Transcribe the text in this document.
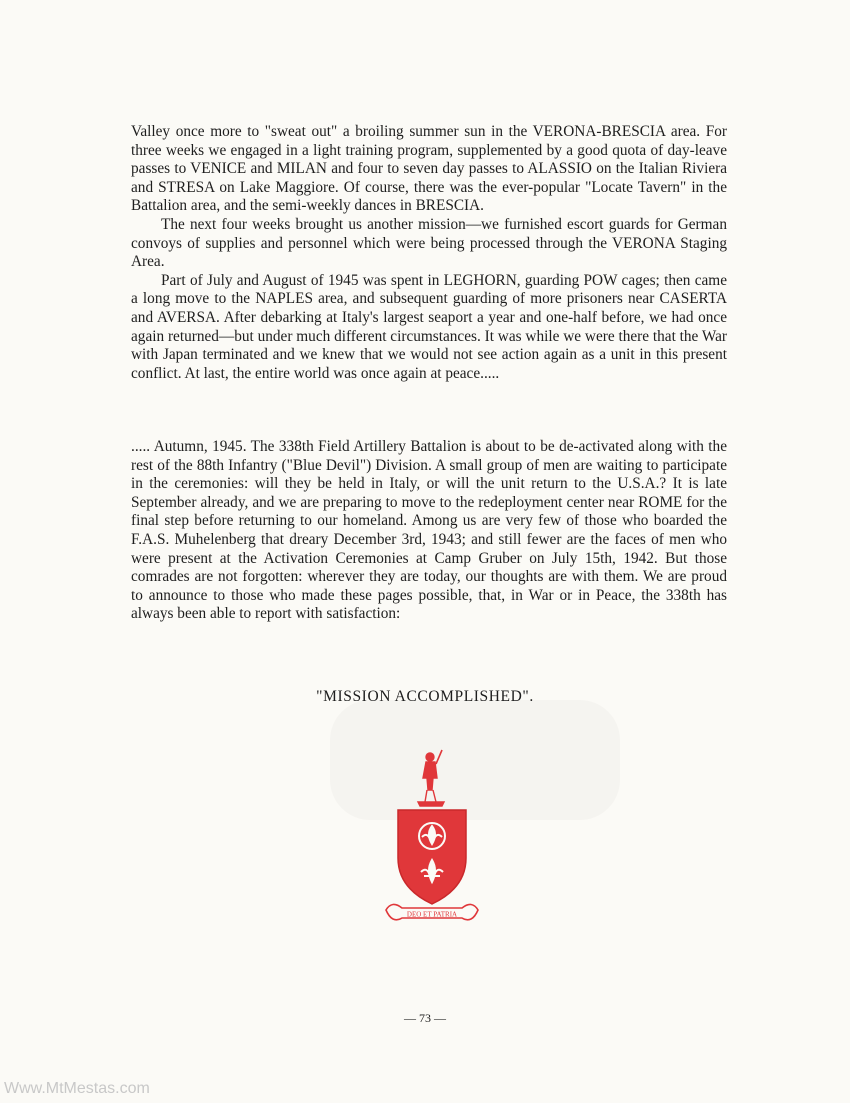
Valley once more to "sweat out" a broiling summer sun in the VERONA-BRESCIA area. For three weeks we engaged in a light training program, supplemented by a good quota of day-leave passes to VENICE and MILAN and four to seven day passes to ALASSIO on the Italian Riviera and STRESA on Lake Maggiore. Of course, there was the ever-popular "Locate Tavern" in the Battalion area, and the semi-weekly dances in BRESCIA.

The next four weeks brought us another mission—we furnished escort guards for German convoys of supplies and personnel which were being processed through the VERONA Staging Area.

Part of July and August of 1945 was spent in LEGHORN, guarding POW cages; then came a long move to the NAPLES area, and subsequent guarding of more prisoners near CASERTA and AVERSA. After debarking at Italy's largest seaport a year and one-half before, we had once again returned—but under much different circumstances. It was while we were there that the War with Japan terminated and we knew that we would not see action again as a unit in this present conflict. At last, the entire world was once again at peace.....

..... Autumn, 1945. The 338th Field Artillery Battalion is about to be de-activated along with the rest of the 88th Infantry ("Blue Devil") Division. A small group of men are waiting to participate in the ceremonies: will they be held in Italy, or will the unit return to the U.S.A.? It is late September already, and we are preparing to move to the redeployment center near ROME for the final step before returning to our homeland. Among us are very few of those who boarded the F.A.S. Muhelenberg that dreary December 3rd, 1943; and still fewer are the faces of men who were present at the Activation Ceremonies at Camp Gruber on July 15th, 1942. But those comrades are not forgotten: wherever they are today, our thoughts are with them. We are proud to announce to those who made these pages possible, that, in War or in Peace, the 338th has always been able to report with satisfaction:

"MISSION ACCOMPLISHED".
DEO ET PATRIA
— 73 —
Www.MtMestas.com
